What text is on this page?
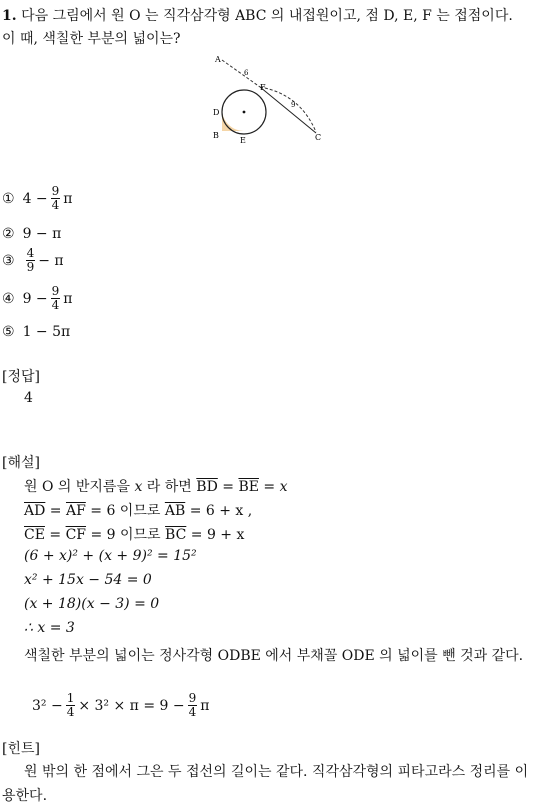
1. 다음 그림에서 원 O 는 직각삼각형 ABC 의 내접원이고, 점 D, E, F 는 접점이다. 이 때, 색칠한 부분의 넓이는?
A
D
B
E
F
C
6
9
① $4 - \frac{9}{4}$ π
② 9 − π
③ $\frac{4}{9} - \pi$
④ $9 - \frac{9}{4}$ π
⑤ 1 − 5π
[정답]
4
[해설]
원 O 의 반지름을 x 라 하면 $\overline{BD} = \overline{BE} = x$
$\overline{AD} = \overline{AF} = 6$ 이므로 $\overline{AB} = 6 + x$ ,
$\overline{CE} = \overline{CF} = 9$ 이므로 $\overline{BC} = 9 + x$
(6 + x)² + (x + 9)² = 15²
x² + 15x − 54 = 0
(x + 18)(x − 3) = 0
∴ x = 3
색칠한 부분의 넓이는 정사각형 ODBE 에서 부채꼴 ODE 의 넓이를 뺀 것과 같다.
$3^2 - \frac{1}{4} \times 3^2 \times \pi = 9 - \frac{9}{4}$ π
[힌트]
원 밖의 한 점에서 그은 두 접선의 길이는 같다. 직각삼각형의 피타고라스 정리를 이용한다.
